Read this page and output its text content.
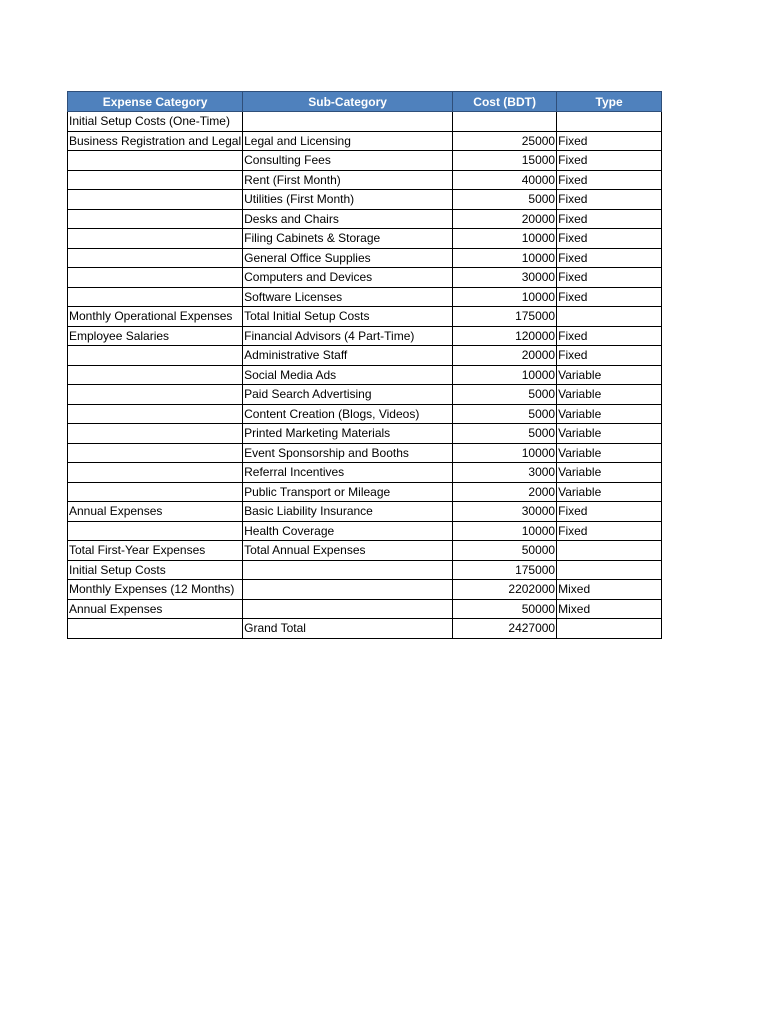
Expense Category	Sub-Category	Cost (BDT)	Type
Initial Setup Costs (One-Time)			
Business Registration and Legal	Legal and Licensing	25000	Fixed
	Consulting Fees	15000	Fixed
	Rent (First Month)	40000	Fixed
	Utilities (First Month)	5000	Fixed
	Desks and Chairs	20000	Fixed
	Filing Cabinets & Storage	10000	Fixed
	General Office Supplies	10000	Fixed
	Computers and Devices	30000	Fixed
	Software Licenses	10000	Fixed
Monthly Operational Expenses	Total Initial Setup Costs	175000	
Employee Salaries	Financial Advisors (4 Part-Time)	120000	Fixed
	Administrative Staff	20000	Fixed
	Social Media Ads	10000	Variable
	Paid Search Advertising	5000	Variable
	Content Creation (Blogs, Videos)	5000	Variable
	Printed Marketing Materials	5000	Variable
	Event Sponsorship and Booths	10000	Variable
	Referral Incentives	3000	Variable
	Public Transport or Mileage	2000	Variable
Annual Expenses	Basic Liability Insurance	30000	Fixed
	Health Coverage	10000	Fixed
Total First-Year Expenses	Total Annual Expenses	50000	
Initial Setup Costs		175000	
Monthly Expenses (12 Months)		2202000	Mixed
Annual Expenses		50000	Mixed
	Grand Total	2427000	
